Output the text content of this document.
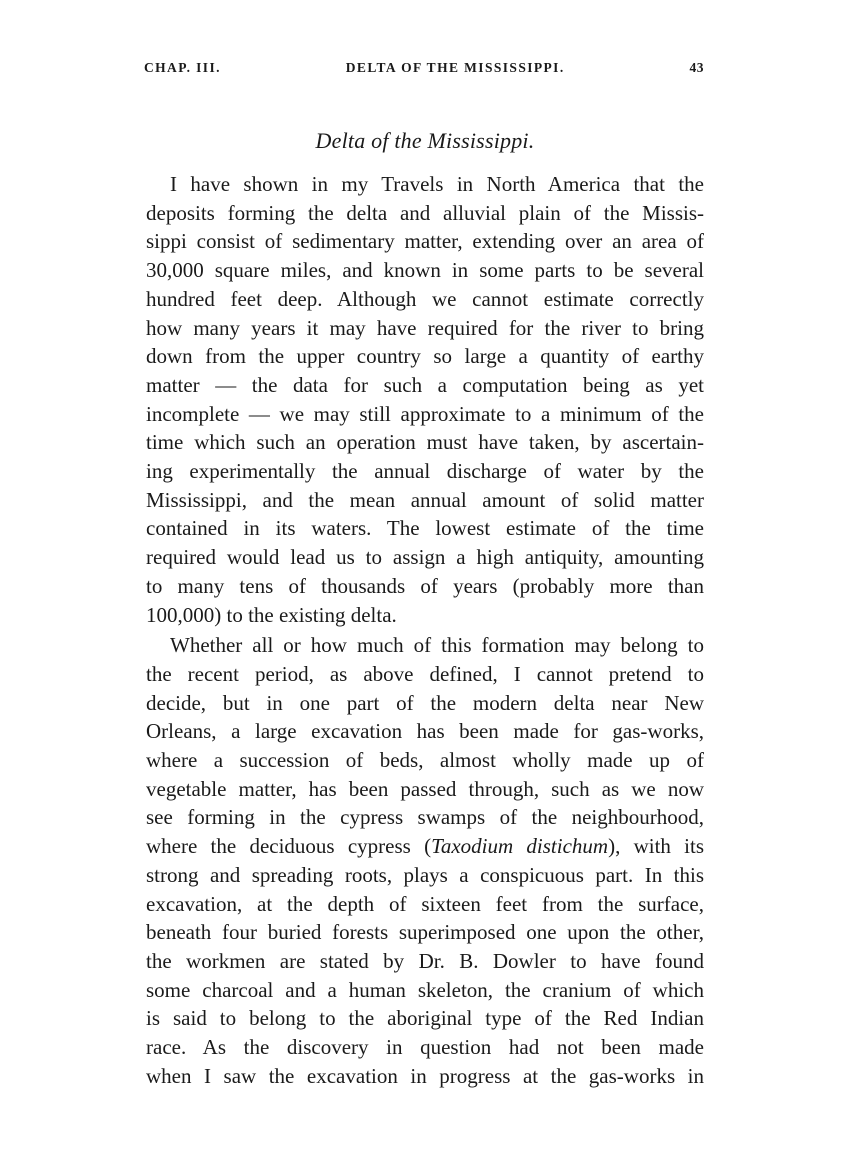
CHAP. III.	DELTA OF THE MISSISSIPPI.	43
Delta of the Mississippi.
I have shown in my Travels in North America that the
deposits forming the delta and alluvial plain of the Missis-
sippi consist of sedimentary matter, extending over an area of
30,000 square miles, and known in some parts to be several
hundred feet deep. Although we cannot estimate correctly
how many years it may have required for the river to bring
down from the upper country so large a quantity of earthy
matter — the data for such a computation being as yet
incomplete — we may still approximate to a minimum of the
time which such an operation must have taken, by ascertain-
ing experimentally the annual discharge of water by the
Mississippi, and the mean annual amount of solid matter
contained in its waters. The lowest estimate of the time
required would lead us to assign a high antiquity, amounting
to many tens of thousands of years (probably more than
100,000) to the existing delta.
Whether all or how much of this formation may belong to
the recent period, as above defined, I cannot pretend to
decide, but in one part of the modern delta near New
Orleans, a large excavation has been made for gas-works,
where a succession of beds, almost wholly made up of
vegetable matter, has been passed through, such as we now
see forming in the cypress swamps of the neighbourhood,
where the deciduous cypress (Taxodium distichum), with its
strong and spreading roots, plays a conspicuous part. In this
excavation, at the depth of sixteen feet from the surface,
beneath four buried forests superimposed one upon the other,
the workmen are stated by Dr. B. Dowler to have found
some charcoal and a human skeleton, the cranium of which
is said to belong to the aboriginal type of the Red Indian
race. As the discovery in question had not been made
when I saw the excavation in progress at the gas-works in
